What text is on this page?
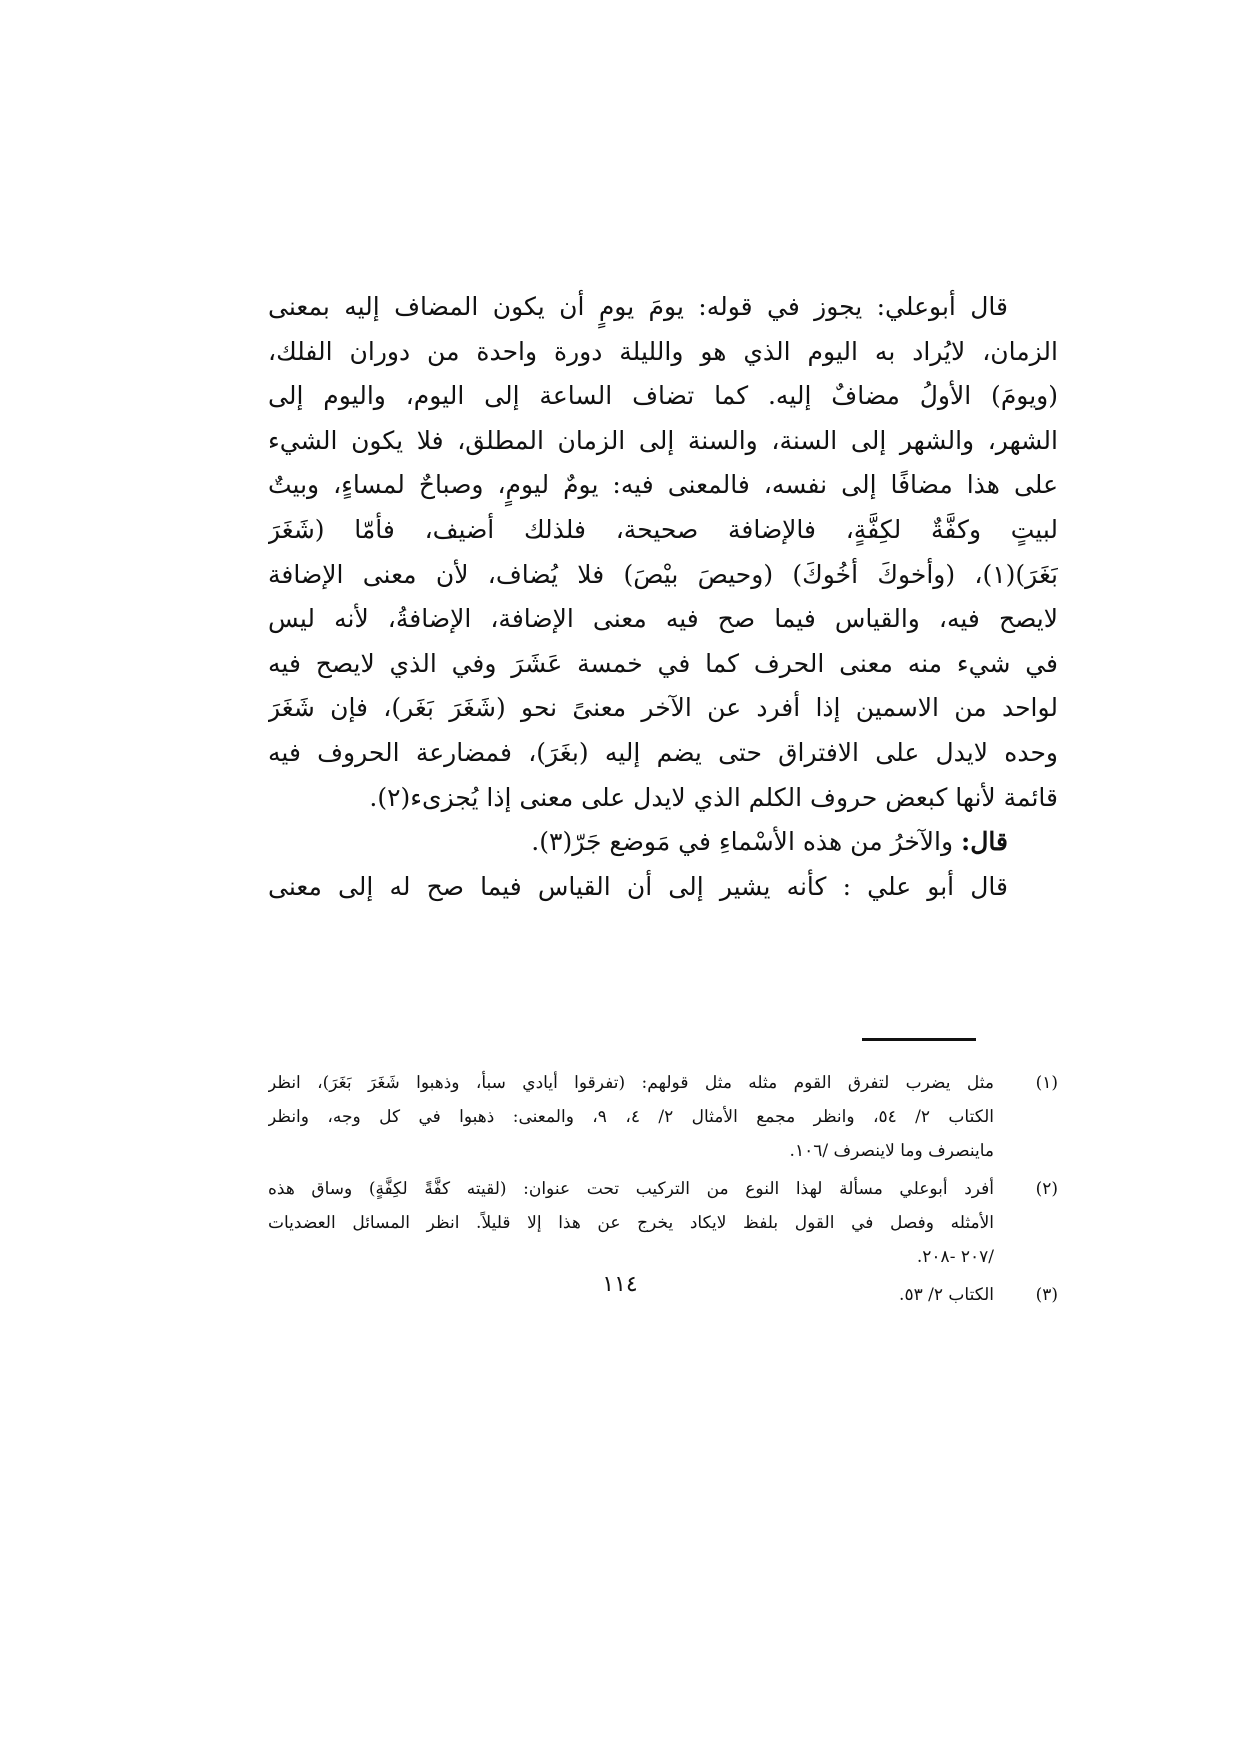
قال أبوعلي: يجوز في قوله: يومَ يومٍ أن يكون المضاف إليه بمعنى
الزمان، لايُراد به اليوم الذي هو والليلة دورة واحدة من دوران الفلك،
(ويومَ) الأولُ مضافٌ إليه. كما تضاف الساعة إلى اليوم، واليوم إلى
الشهر، والشهر إلى السنة، والسنة إلى الزمان المطلق، فلا يكون الشيء
على هذا مضافًا إلى نفسه، فالمعنى فيه: يومٌ ليومٍ، وصباحٌ لمساءٍ، وبيتٌ
لبيتٍ وكفَّةٌ لكِفَّةٍ، فالإضافة صحيحة، فلذلك أضيف، فأمّا (شَغَرَ
بَغَرَ)(١)، (وأخوكَ أخُوكَ) (وحيصَ بيْصَ) فلا يُضاف، لأن معنى الإضافة
لايصح فيه، والقياس فيما صح فيه معنى الإضافة، الإضافةُ، لأنه ليس
في شيء منه معنى الحرف كما في خمسة عَشَرَ وفي الذي لايصح فيه
لواحد من الاسمين إذا أفرد عن الآخر معنىً نحو (شَغَرَ بَغَر)، فإن شَغَرَ
وحده لايدل على الافتراق حتى يضم إليه (بغَرَ)، فمضارعة الحروف فيه
قائمة لأنها كبعض حروف الكلم الذي لايدل على معنى إذا يُجزىء(٢).
قال: والآخرُ من هذه الأسْماءِ في مَوضع جَرّ(٣).
قال أبو علي : كأنه يشير إلى أن القياس فيما صح له إلى معنى
(١)
مثل يضرب لتفرق القوم مثله مثل قولهم: (تفرقوا أيادي سبأ، وذهبوا شَغَرَ بَغَرَ)، انظر
الكتاب ٢/ ٥٤، وانظر مجمع الأمثال ٢/ ٤، ٩، والمعنى: ذهبوا في كل وجه، وانظر
ماينصرف وما لاينصرف /١٠٦.
(٢)
أفرد أبوعلي مسألة لهذا النوع من التركيب تحت عنوان: (لقيته كفَّةً لكِفَّةٍ) وساق هذه
الأمثله وفصل في القول بلفظ لايكاد يخرج عن هذا إلا قليلاً. انظر المسائل العضديات
/٢٠٧ -٢٠٨.
(٣)
الكتاب ٢/ ٥٣.
١١٤
